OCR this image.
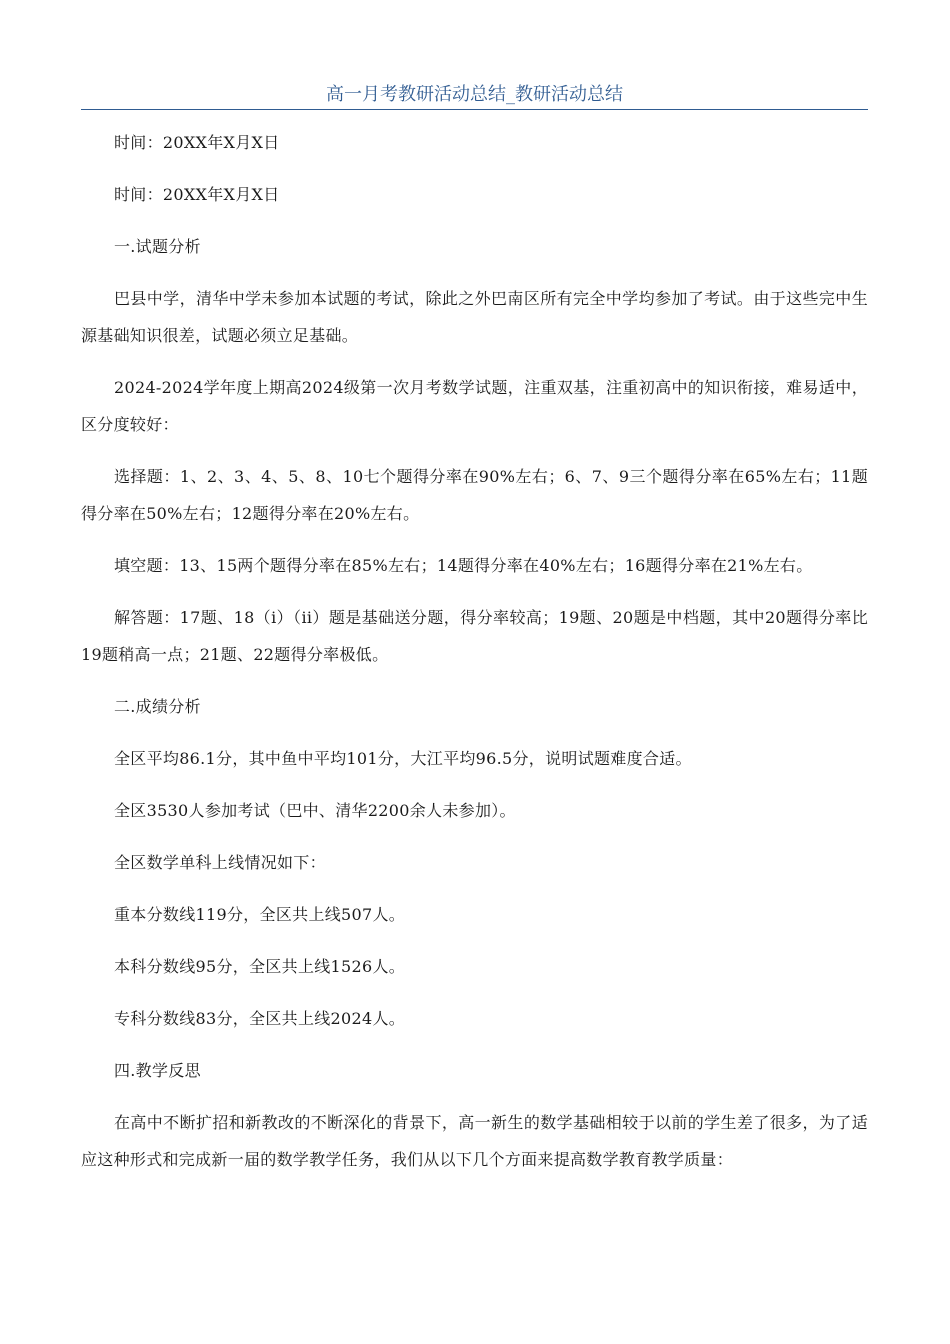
高一月考教研活动总结_教研活动总结

时间：20XX年X月X日

时间：20XX年X月X日

一.试题分析

巴县中学，清华中学未参加本试题的考试，除此之外巴南区所有完全中学均参加了考试。由于这些完中生源基础知识很差，试题必须立足基础。

2024-2024学年度上期高2024级第一次月考数学试题，注重双基，注重初高中的知识衔接，难易适中，区分度较好：

选择题：1、2、3、4、5、8、10七个题得分率在90%左右；6、7、9三个题得分率在65%左右；11题得分率在50%左右；12题得分率在20%左右。

填空题：13、15两个题得分率在85%左右；14题得分率在40%左右；16题得分率在21%左右。

解答题：17题、18（i）（ii）题是基础送分题，得分率较高；19题、20题是中档题，其中20题得分率比19题稍高一点；21题、22题得分率极低。

二.成绩分析

全区平均86.1分，其中鱼中平均101分，大江平均96.5分，说明试题难度合适。

全区3530人参加考试（巴中、清华2200余人未参加）。

全区数学单科上线情况如下：

重本分数线119分，全区共上线507人。

本科分数线95分，全区共上线1526人。

专科分数线83分，全区共上线2024人。

四.教学反思

在高中不断扩招和新教改的不断深化的背景下，高一新生的数学基础相较于以前的学生差了很多，为了适应这种形式和完成新一届的数学教学任务，我们从以下几个方面来提高数学教育教学质量：
